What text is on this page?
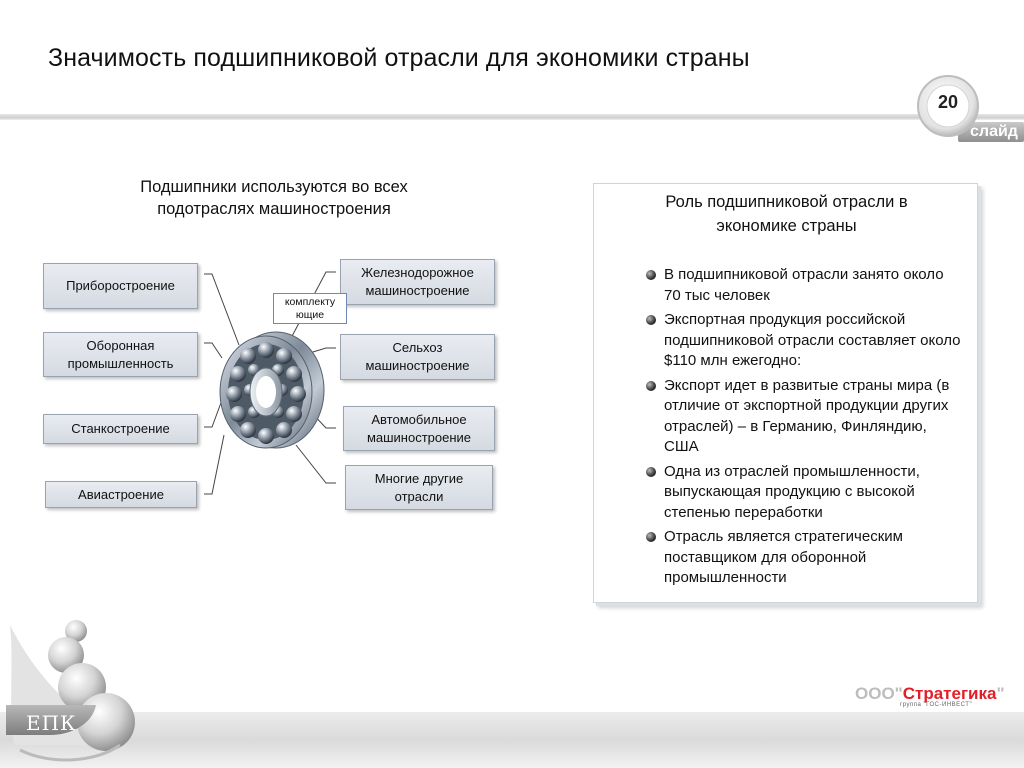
Значимость подшипниковой отрасли для экономики страны
20
слайд
Подшипники используются во всех
подотраслях машиностроения
Приборостроение
Оборонная
промышленность
Станкостроение
Авиастроение
Железнодорожное
машиностроение
Сельхоз
машиностроение
Автомобильное
машиностроение
Многие другие
отрасли
комплекту
ющие
Роль подшипниковой отрасли в
экономике страны
В подшипниковой отрасли занято около 70 тыс человек
Экспортная продукция российской подшипниковой отрасли составляет около $110 млн ежегодно:
Экспорт идет в развитые страны мира (в отличие от экспортной продукции других отраслей) – в Германию, Финляндию, США
Одна из отраслей промышленности, выпускающая продукцию с высокой степенью переработки
Отрасль является стратегическим поставщиком для оборонной промышленности
ЕПК
ООО"Стратегика"
группа "ГОС-ИНВЕСТ"
